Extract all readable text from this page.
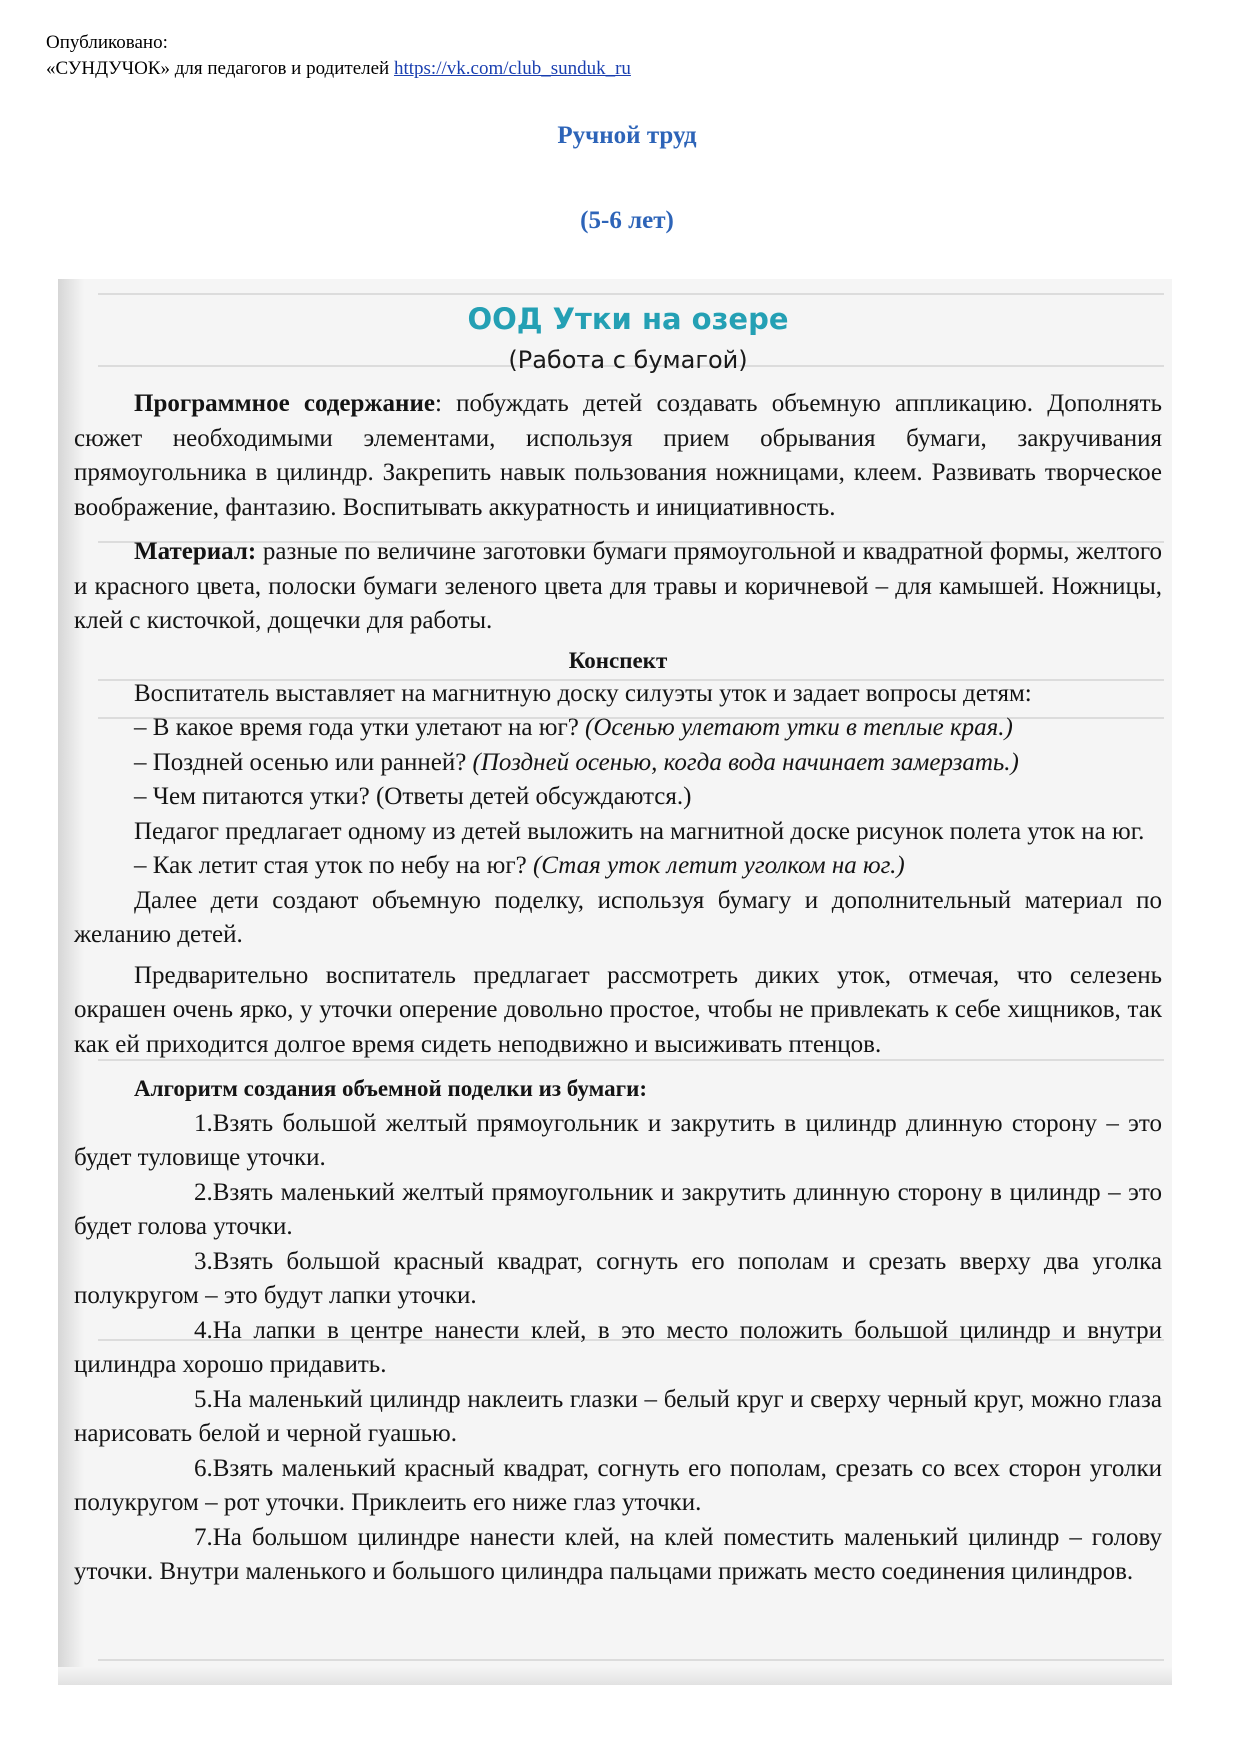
Опубликовано:
«СУНДУЧОК» для педагогов и родителей https://vk.com/club_sunduk_ru
Ручной труд
(5-6 лет)
ООД Утки на озере
(Работа с бумагой)

Программное содержание: побуждать детей создавать объемную аппликацию. Дополнять сюжет необходимыми элементами, используя прием обрывания бумаги, закручивания прямоугольника в цилиндр. Закрепить навык пользования ножницами, клеем. Развивать творческое воображение, фантазию. Воспитывать аккуратность и инициативность.

Материал: разные по величине заготовки бумаги прямоугольной и квадратной формы, желтого и красного цвета, полоски бумаги зеленого цвета для травы и коричневой – для камышей. Ножницы, клей с кисточкой, дощечки для работы.

Конспект

Воспитатель выставляет на магнитную доску силуэты уток и задает вопросы детям:

– В какое время года утки улетают на юг? (Осенью улетают утки в теплые края.)

– Поздней осенью или ранней? (Поздней осенью, когда вода начинает замерзать.)

– Чем питаются утки? (Ответы детей обсуждаются.)

Педагог предлагает одному из детей выложить на магнитной доске рисунок полета уток на юг.

– Как летит стая уток по небу на юг? (Стая уток летит уголком на юг.)

Далее дети создают объемную поделку, используя бумагу и дополнительный материал по желанию детей.

Предварительно воспитатель предлагает рассмотреть диких уток, отмечая, что селезень окрашен очень ярко, у уточки оперение довольно простое, чтобы не привлекать к себе хищников, так как ей приходится долгое время сидеть неподвижно и высиживать птенцов.

Алгоритм создания объемной поделки из бумаги:

1.Взять большой желтый прямоугольник и закрутить в цилиндр длинную сторону – это будет туловище уточки.

2.Взять маленький желтый прямоугольник и закрутить длинную сторону в цилиндр – это будет голова уточки.

3.Взять большой красный квадрат, согнуть его пополам и срезать вверху два уголка полукругом – это будут лапки уточки.

4.На лапки в центре нанести клей, в это место положить большой цилиндр и внутри цилиндра хорошо придавить.

5.На маленький цилиндр наклеить глазки – белый круг и сверху черный круг, можно глаза нарисовать белой и черной гуашью.

6.Взять маленький красный квадрат, согнуть его пополам, срезать со всех сторон уголки полукругом – рот уточки. Приклеить его ниже глаз уточки.

7.На большом цилиндре нанести клей, на клей поместить маленький цилиндр – голову уточки. Внутри маленького и большого цилиндра пальцами прижать место соединения цилиндров.
